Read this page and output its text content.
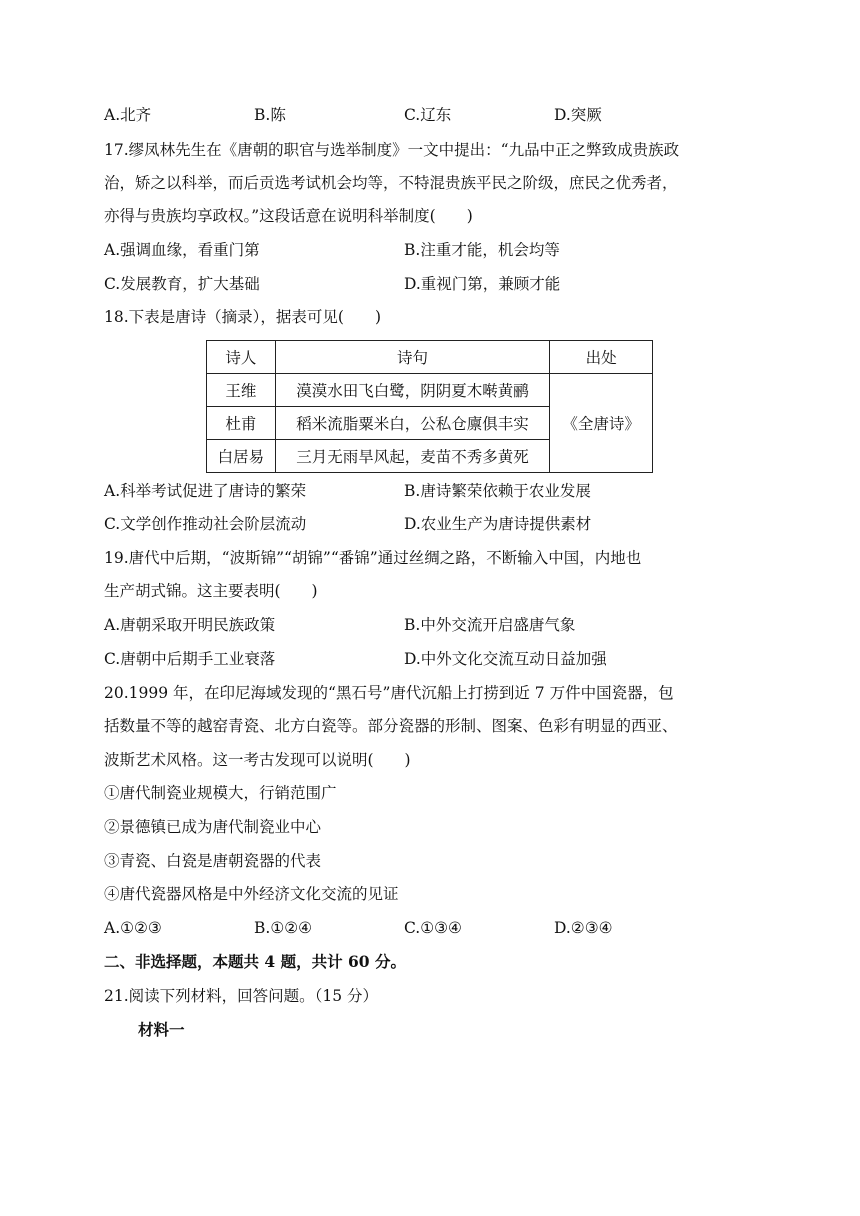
A.北齐	B.陈	C.辽东	D.突厥
17.缪凤林先生在《唐朝的职官与选举制度》一文中提出：“九品中正之弊致成贵族政
治，矫之以科举，而后贡选考试机会均等，不特混贵族平民之阶级，庶民之优秀者，
亦得与贵族均享政权。”这段话意在说明科举制度(　　)
A.强调血缘，看重门第	B.注重才能，机会均等
C.发展教育，扩大基础	D.重视门第，兼顾才能
18.下表是唐诗（摘录），据表可见(　　)
诗人	诗句	出处
王维	漠漠水田飞白鹭，阴阴夏木啭黄鹂	《全唐诗》
杜甫	稻米流脂粟米白，公私仓廪俱丰实	
白居易	三月无雨旱风起，麦苗不秀多黄死	
A.科举考试促进了唐诗的繁荣	B.唐诗繁荣依赖于农业发展
C.文学创作推动社会阶层流动	D.农业生产为唐诗提供素材
19.唐代中后期，“波斯锦”“胡锦”“番锦”通过丝绸之路，不断输入中国，内地也
生产胡式锦。这主要表明(　　)
A.唐朝采取开明民族政策	B.中外交流开启盛唐气象
C.唐朝中后期手工业衰落	D.中外文化交流互动日益加强
20.1999 年，在印尼海域发现的“黑石号”唐代沉船上打捞到近 7 万件中国瓷器，包
括数量不等的越窑青瓷、北方白瓷等。部分瓷器的形制、图案、色彩有明显的西亚、
波斯艺术风格。这一考古发现可以说明(　　)
①唐代制瓷业规模大，行销范围广
②景德镇已成为唐代制瓷业中心
③青瓷、白瓷是唐朝瓷器的代表
④唐代瓷器风格是中外经济文化交流的见证
A.①②③	B.①②④	C.①③④	D.②③④
二、非选择题，本题共 4 题，共计 60 分。
21.阅读下列材料，回答问题。（15 分）
材料一
